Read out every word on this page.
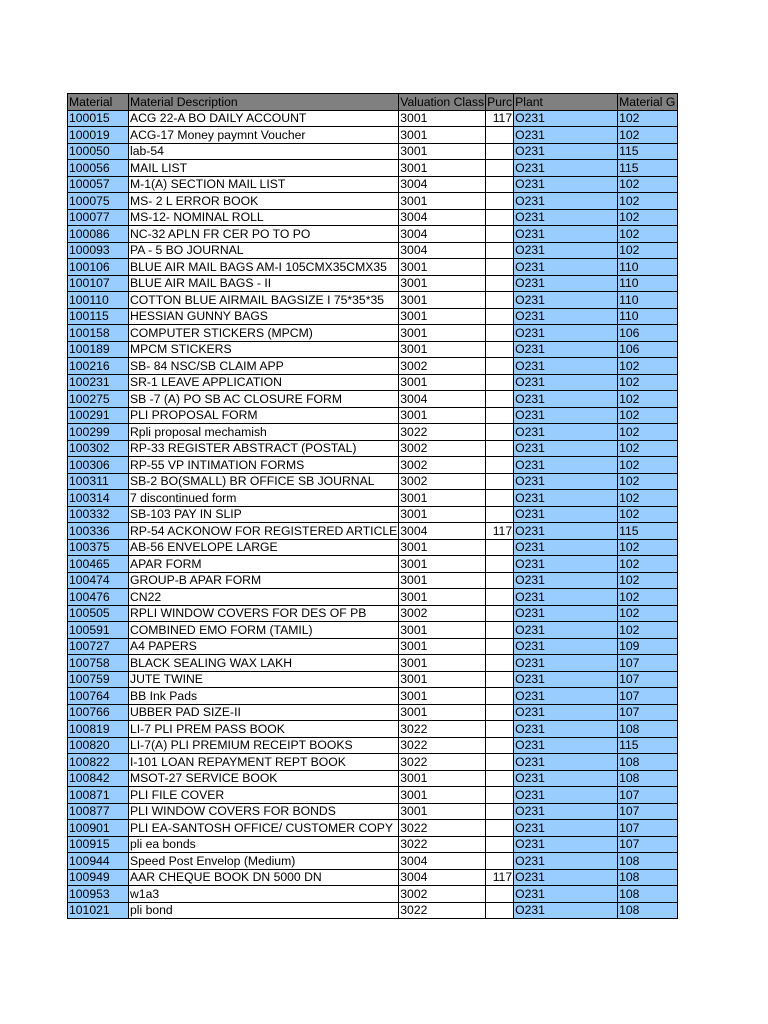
Material	Material Description	Valuation Class	Purc	Plant	Material G
100015	ACG 22-A BO DAILY ACCOUNT	3001	117	O231	102
100019	ACG-17 Money paymnt Voucher	3001		O231	102
100050	lab-54	3001		O231	115
100056	MAIL LIST	3001		O231	115
100057	M-1(A) SECTION MAIL LIST	3004		O231	102
100075	MS- 2 L ERROR BOOK	3001		O231	102
100077	MS-12- NOMINAL ROLL	3004		O231	102
100086	NC-32 APLN FR CER PO TO PO	3004		O231	102
100093	PA - 5 BO JOURNAL	3004		O231	102
100106	BLUE AIR MAIL BAGS AM-I 105CMX35CMX35	3001		O231	110
100107	BLUE AIR MAIL BAGS - II	3001		O231	110
100110	COTTON BLUE AIRMAIL BAGSIZE I 75*35*35	3001		O231	110
100115	HESSIAN GUNNY BAGS	3001		O231	110
100158	COMPUTER STICKERS (MPCM)	3001		O231	106
100189	MPCM STICKERS	3001		O231	106
100216	SB- 84 NSC/SB CLAIM APP	3002		O231	102
100231	SR-1 LEAVE APPLICATION	3001		O231	102
100275	SB -7 (A) PO SB AC CLOSURE FORM	3004		O231	102
100291	PLI PROPOSAL FORM	3001		O231	102
100299	Rpli proposal mechamish	3022		O231	102
100302	RP-33 REGISTER ABSTRACT (POSTAL)	3002		O231	102
100306	RP-55 VP INTIMATION FORMS	3002		O231	102
100311	SB-2 BO(SMALL) BR OFFICE SB JOURNAL	3002		O231	102
100314	7 discontinued form	3001		O231	102
100332	SB-103 PAY IN SLIP	3001		O231	102
100336	RP-54 ACKONOW FOR REGISTERED ARTICLE	3004	117	O231	115
100375	AB-56 ENVELOPE LARGE	3001		O231	102
100465	APAR FORM	3001		O231	102
100474	GROUP-B APAR FORM	3001		O231	102
100476	CN22	3001		O231	102
100505	RPLI WINDOW COVERS FOR DES OF PB	3002		O231	102
100591	COMBINED EMO FORM (TAMIL)	3001		O231	102
100727	A4 PAPERS	3001		O231	109
100758	BLACK SEALING WAX LAKH	3001		O231	107
100759	JUTE TWINE	3001		O231	107
100764	BB Ink Pads	3001		O231	107
100766	UBBER PAD SIZE-II	3001		O231	107
100819	LI-7 PLI PREM PASS BOOK	3022		O231	108
100820	LI-7(A) PLI PREMIUM RECEIPT BOOKS	3022		O231	115
100822	I-101 LOAN REPAYMENT REPT BOOK	3022		O231	108
100842	MSOT-27 SERVICE BOOK	3001		O231	108
100871	PLI FILE COVER	3001		O231	107
100877	PLI WINDOW COVERS FOR BONDS	3001		O231	107
100901	PLI EA-SANTOSH OFFICE/ CUSTOMER COPY	3022		O231	107
100915	pli ea bonds	3022		O231	107
100944	Speed Post Envelop (Medium)	3004		O231	108
100949	AAR CHEQUE BOOK DN 5000 DN	3004	117	O231	108
100953	w1a3	3002		O231	108
101021	pli bond	3022		O231	108
